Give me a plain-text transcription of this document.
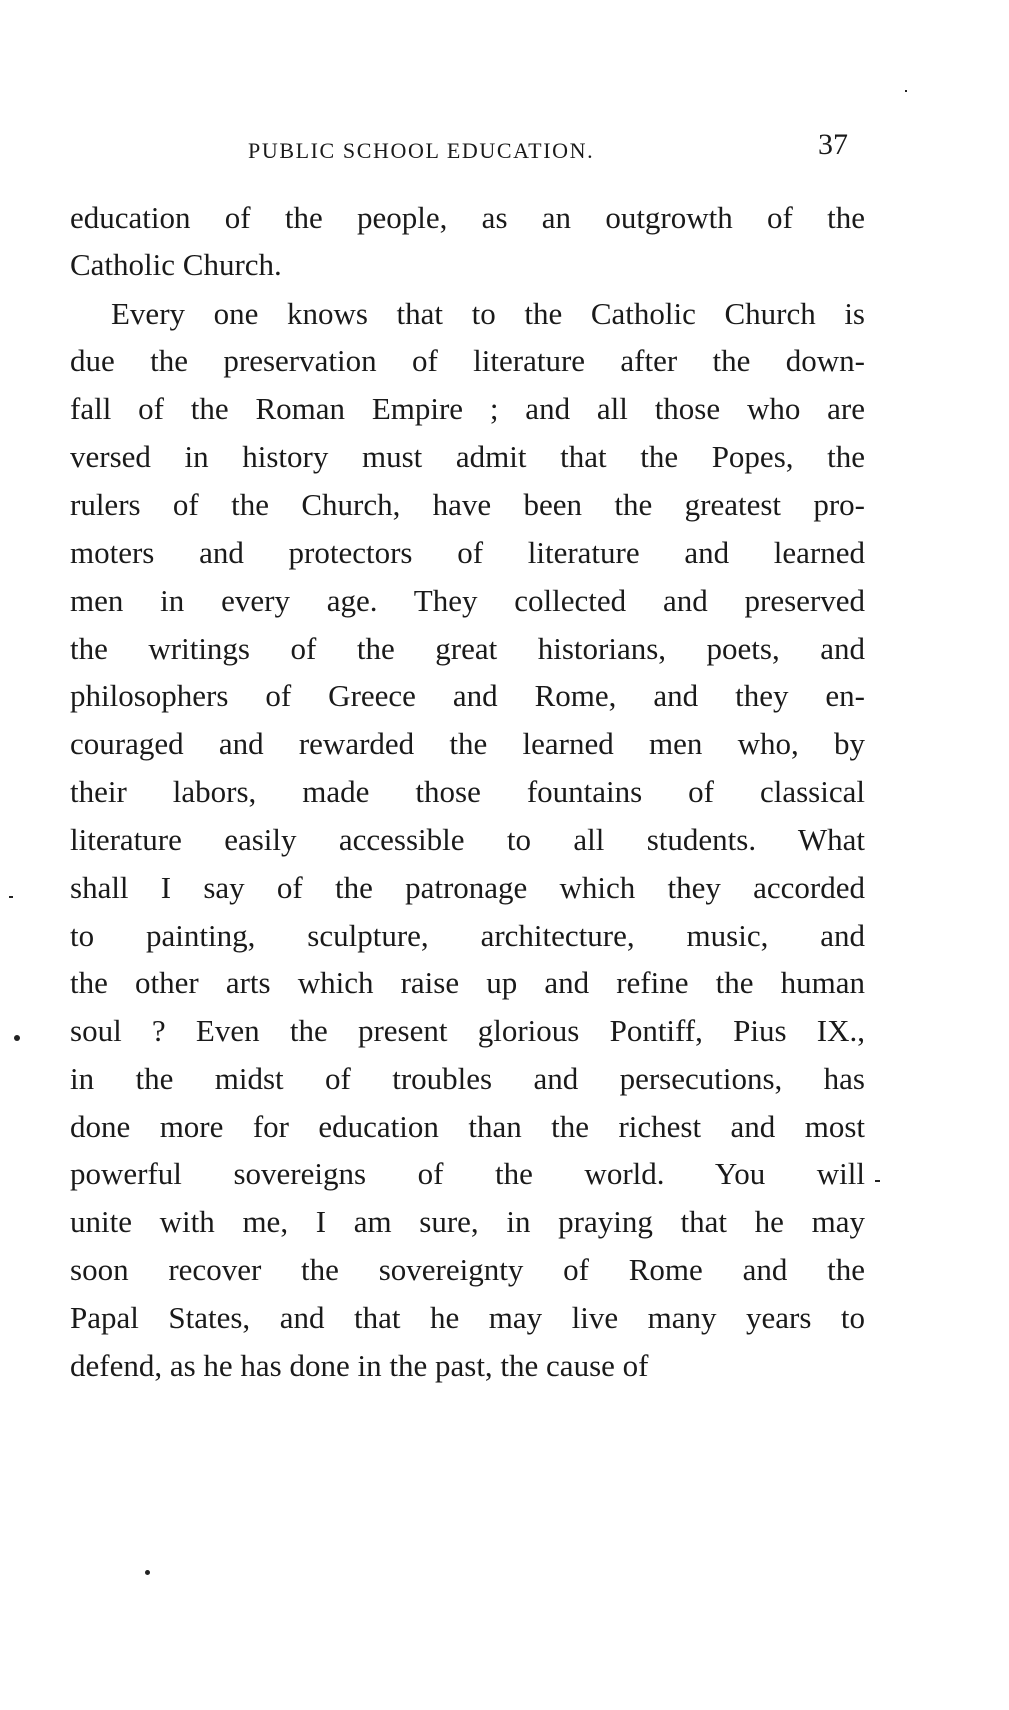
PUBLIC SCHOOL EDUCATION.	37
education of the people, as an outgrowth of the
Catholic Church.
Every one knows that to the Catholic Church is
due the preservation of literature after the down-
fall of the Roman Empire ; and all those who are
versed in history must admit that the Popes, the
rulers of the Church, have been the greatest pro-
moters and protectors of literature and learned
men in every age. They collected and preserved
the writings of the great historians, poets, and
philosophers of Greece and Rome, and they en-
couraged and rewarded the learned men who, by
their labors, made those fountains of classical
literature easily accessible to all students. What
shall I say of the patronage which they accorded
to painting, sculpture, architecture, music, and
the other arts which raise up and refine the human
soul ? Even the present glorious Pontiff, Pius IX.,
in the midst of troubles and persecutions, has
done more for education than the richest and most
powerful sovereigns of the world. You will
unite with me, I am sure, in praying that he may
soon recover the sovereignty of Rome and the
Papal States, and that he may live many years to
defend, as he has done in the past, the cause of
